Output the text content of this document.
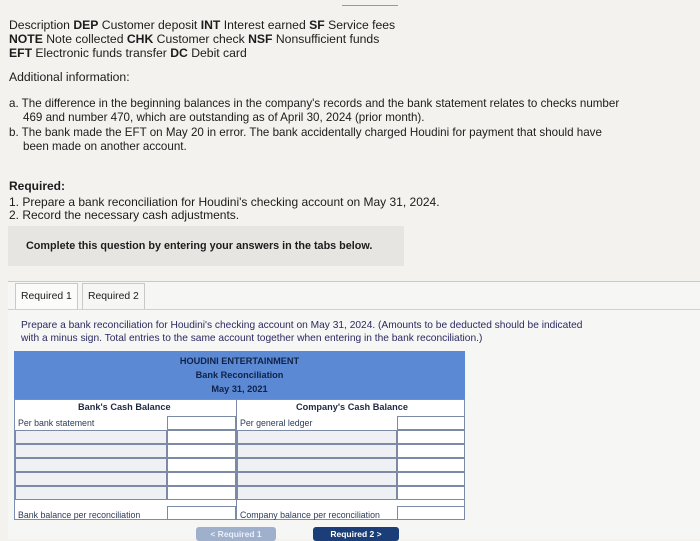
Description DEP Customer deposit INT Interest earned SF Service fees
NOTE Note collected CHK Customer check NSF Nonsufficient funds
EFT Electronic funds transfer DC Debit card
Additional information:
a. The difference in the beginning balances in the company's records and the bank statement relates to checks number
469 and number 470, which are outstanding as of April 30, 2024 (prior month).
b. The bank made the EFT on May 20 in error. The bank accidentally charged Houdini for payment that should have
been made on another account.
Required:
1. Prepare a bank reconciliation for Houdini's checking account on May 31, 2024.
2. Record the necessary cash adjustments.
Complete this question by entering your answers in the tabs below.
Required 1	Required 2
Prepare a bank reconciliation for Houdini's checking account on May 31, 2024. (Amounts to be deducted should be indicated with a minus sign. Total entries to the same account together when entering in the bank reconciliation.)
HOUDINI ENTERTAINMENT
Bank Reconciliation
May 31, 2021
Bank's Cash Balance	Company's Cash Balance
Per bank statement	Per general ledger
Bank balance per reconciliation	Company balance per reconciliation
< Required 1	Required 2 >
